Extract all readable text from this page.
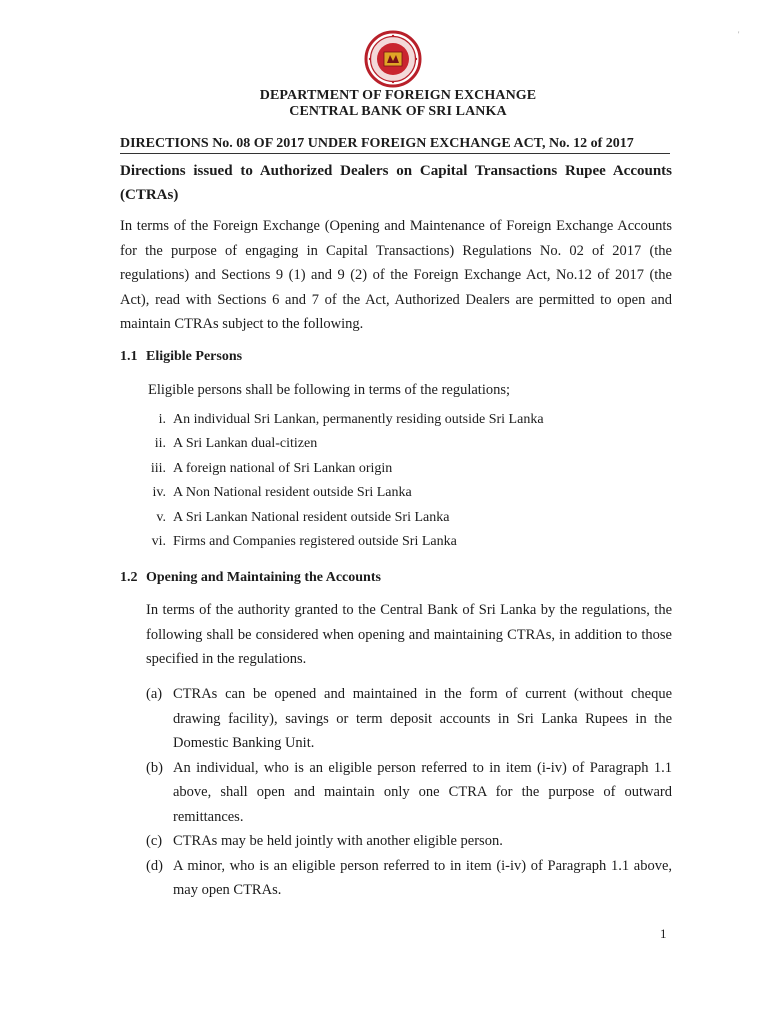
'
DEPARTMENT OF FOREIGN EXCHANGE
CENTRAL BANK OF SRI LANKA
DIRECTIONS No. 08 OF 2017 UNDER FOREIGN EXCHANGE ACT, No. 12 of 2017
Directions issued to Authorized Dealers on Capital Transactions Rupee Accounts (CTRAs)
In terms of the Foreign Exchange (Opening and Maintenance of Foreign Exchange Accounts for the purpose of engaging in Capital Transactions) Regulations No. 02 of 2017 (the regulations) and Sections 9 (1) and 9 (2) of the Foreign Exchange Act, No.12 of 2017 (the Act), read with Sections 6 and 7 of the Act, Authorized Dealers are permitted to open and maintain CTRAs subject to the following.
1.1 Eligible Persons
Eligible persons shall be following in terms of the regulations;
i. An individual Sri Lankan, permanently residing outside Sri Lanka
ii. A Sri Lankan dual-citizen
iii. A foreign national of Sri Lankan origin
iv. A Non National resident outside Sri Lanka
v. A Sri Lankan National resident outside Sri Lanka
vi. Firms and Companies registered outside Sri Lanka
1.2 Opening and Maintaining the Accounts
In terms of the authority granted to the Central Bank of Sri Lanka by the regulations, the following shall be considered when opening and maintaining CTRAs, in addition to those specified in the regulations.
(a) CTRAs can be opened and maintained in the form of current (without cheque drawing facility), savings or term deposit accounts in Sri Lanka Rupees in the Domestic Banking Unit.
(b) An individual, who is an eligible person referred to in item (i-iv) of Paragraph 1.1 above, shall open and maintain only one CTRA for the purpose of outward remittances.
(c) CTRAs may be held jointly with another eligible person.
(d) A minor, who is an eligible person referred to in item (i-iv) of Paragraph 1.1 above, may open CTRAs.
1
